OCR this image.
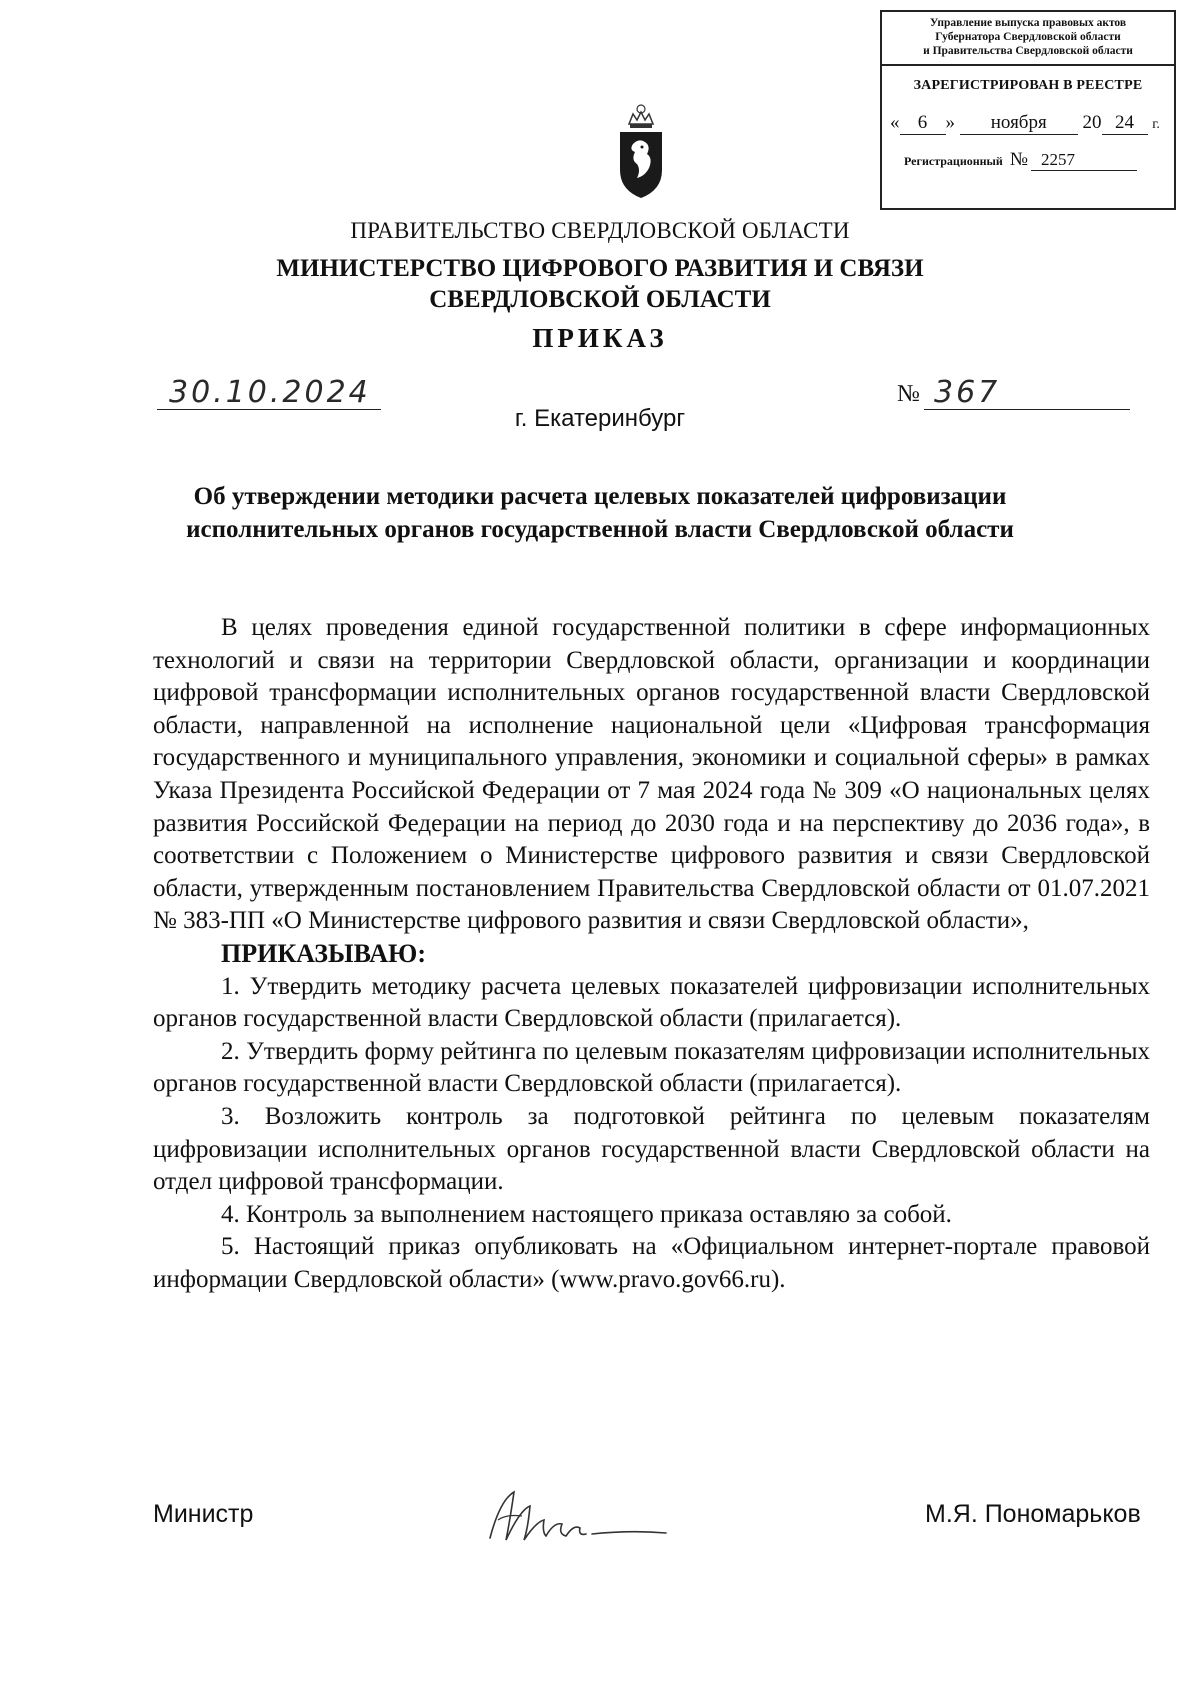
Управление выпуска правовых актов
Губернатора Свердловской области
и Правительства Свердловской области
ЗАРЕГИСТРИРОВАН В РЕЕСТРЕ
« 6 » ноября 20 24 г.
Регистрационный № 2257
ПРАВИТЕЛЬСТВО СВЕРДЛОВСКОЙ ОБЛАСТИ
МИНИСТЕРСТВО ЦИФРОВОГО РАЗВИТИЯ И СВЯЗИ
СВЕРДЛОВСКОЙ ОБЛАСТИ
ПРИКАЗ
30.10.2024	№ 367
г. Екатеринбург
Об утверждении методики расчета целевых показателей цифровизации
исполнительных органов государственной власти Свердловской области

В целях проведения единой государственной политики в сфере информационных технологий и связи на территории Свердловской области, организации и координации цифровой трансформации исполнительных органов государственной власти Свердловской области, направленной на исполнение национальной цели «Цифровая трансформация государственного и муниципального управления, экономики и социальной сферы» в рамках Указа Президента Российской Федерации от 7 мая 2024 года № 309 «О национальных целях развития Российской Федерации на период до 2030 года и на перспективу до 2036 года», в соответствии с Положением о Министерстве цифрового развития и связи Свердловской области, утвержденным постановлением Правительства Свердловской области от 01.07.2021 № 383-ПП «О Министерстве цифрового развития и связи Свердловской области»,

ПРИКАЗЫВАЮ:

1. Утвердить методику расчета целевых показателей цифровизации исполнительных органов государственной власти Свердловской области (прилагается).

2. Утвердить форму рейтинга по целевым показателям цифровизации исполнительных органов государственной власти Свердловской области (прилагается).

3. Возложить контроль за подготовкой рейтинга по целевым показателям цифровизации исполнительных органов государственной власти Свердловской области на отдел цифровой трансформации.

4. Контроль за выполнением настоящего приказа оставляю за собой.

5. Настоящий приказ опубликовать на «Официальном интернет-портале правовой информации Свердловской области» (www.pravo.gov66.ru).

Министр	М.Я. Пономарьков
